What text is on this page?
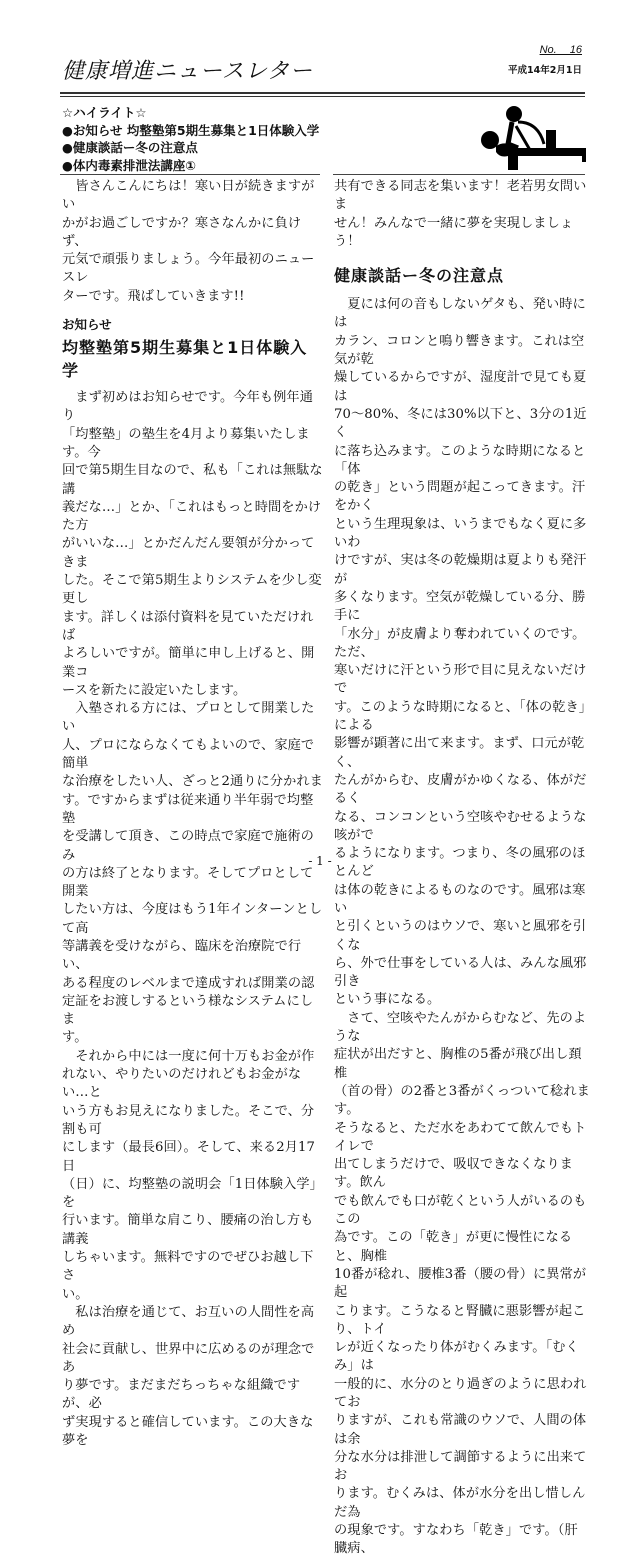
健康増進ニュースレター
No. 16
平成14年2月1日
☆ハイライト☆
●お知らせ 均整塾第5期生募集と1日体験入学
●健康談話ー冬の注意点
●体内毒素排泄法講座①
　皆さんこんにちは！寒い日が続きますがい
かがお過ごしですか？寒さなんかに負けず、
元気で頑張りましょう。今年最初のニュースレ
ターです。飛ばしていきます!!
お知らせ
均整塾第5期生募集と1日体験入学
　まず初めはお知らせです。今年も例年通り
「均整塾」の塾生を4月より募集いたします。今
回で第5期生目なので、私も「これは無駄な講
義だな…」とか、「これはもっと時間をかけた方
がいいな…」とかだんだん要領が分かってきま
した。そこで第5期生よりシステムを少し変更し
ます。詳しくは添付資料を見ていただければ
よろしいですが。簡単に申し上げると、開業コ
ースを新たに設定いたします。
　入塾される方には、プロとして開業したい
人、プロにならなくてもよいので、家庭で簡単
な治療をしたい人、ざっと2通りに分かれま
す。ですからまずは従来通り半年弱で均整塾
を受講して頂き、この時点で家庭で施術のみ
の方は終了となります。そしてプロとして開業
したい方は、今度はもう1年インターンとして高
等講義を受けながら、臨床を治療院で行い、
ある程度のレベルまで達成すれば開業の認
定証をお渡しするという様なシステムにしま
す。
　それから中には一度に何十万もお金が作
れない、やりたいのだけれどもお金がない…と
いう方もお見えになりました。そこで、分割も可
にします（最長6回）。そして、来る2月17日
（日）に、均整塾の説明会「1日体験入学」を
行います。簡単な肩こり、腰痛の治し方も講義
しちゃいます。無料ですのでぜひお越し下さ
い。
　私は治療を通じて、お互いの人間性を高め
社会に貢献し、世界中に広めるのが理念であ
り夢です。まだまだちっちゃな組織ですが、必
ず実現すると確信しています。この大きな夢を
共有できる同志を集います！老若男女問いま
せん！みんなで一緒に夢を実現しましょう！
健康談話ー冬の注意点
　夏には何の音もしないゲタも、発い時には
カラン、コロンと鳴り響きます。これは空気が乾
燥しているからですが、湿度計で見ても夏は
70〜80%、冬には30%以下と、3分の1近く
に落ち込みます。このような時期になると「体
の乾き」という問題が起こってきます。汗をかく
という生理現象は、いうまでもなく夏に多いわ
けですが、実は冬の乾燥期は夏よりも発汗が
多くなります。空気が乾燥している分、勝手に
「水分」が皮膚より奪われていくのです。ただ、
寒いだけに汗という形で目に見えないだけで
す。このような時期になると、「体の乾き」による
影響が顕著に出て来ます。まず、口元が乾く、
たんがからむ、皮膚がかゆくなる、体がだるく
なる、コンコンという空咳やむせるような咳がで
るようになります。つまり、冬の風邪のほとんど
は体の乾きによるものなのです。風邪は寒い
と引くというのはウソで、寒いと風邪を引くな
ら、外で仕事をしている人は、みんな風邪引き
という事になる。
　さて、空咳やたんがからむなど、先のような
症状が出だすと、胸椎の5番が飛び出し頚椎
（首の骨）の2番と3番がくっついて稔れます。
そうなると、ただ水をあわてて飲んでもトイレで
出てしまうだけで、吸収できなくなります。飲ん
でも飲んでも口が乾くという人がいるのもこの
為です。この「乾き」が更に慢性になると、胸椎
10番が稔れ、腰椎3番（腰の骨）に異常が起
こります。こうなると腎臓に悪影響が起こり、トイ
レが近くなったり体がむくみます。「むくみ」は
一般的に、水分のとり過ぎのように思われてお
りますが、これも常識のウソで、人間の体は余
分な水分は排泄して調節するように出来てお
ります。むくみは、体が水分を出し惜しんだ為
の現象です。すなわち「乾き」です。（肝臓病、
- 1 -
